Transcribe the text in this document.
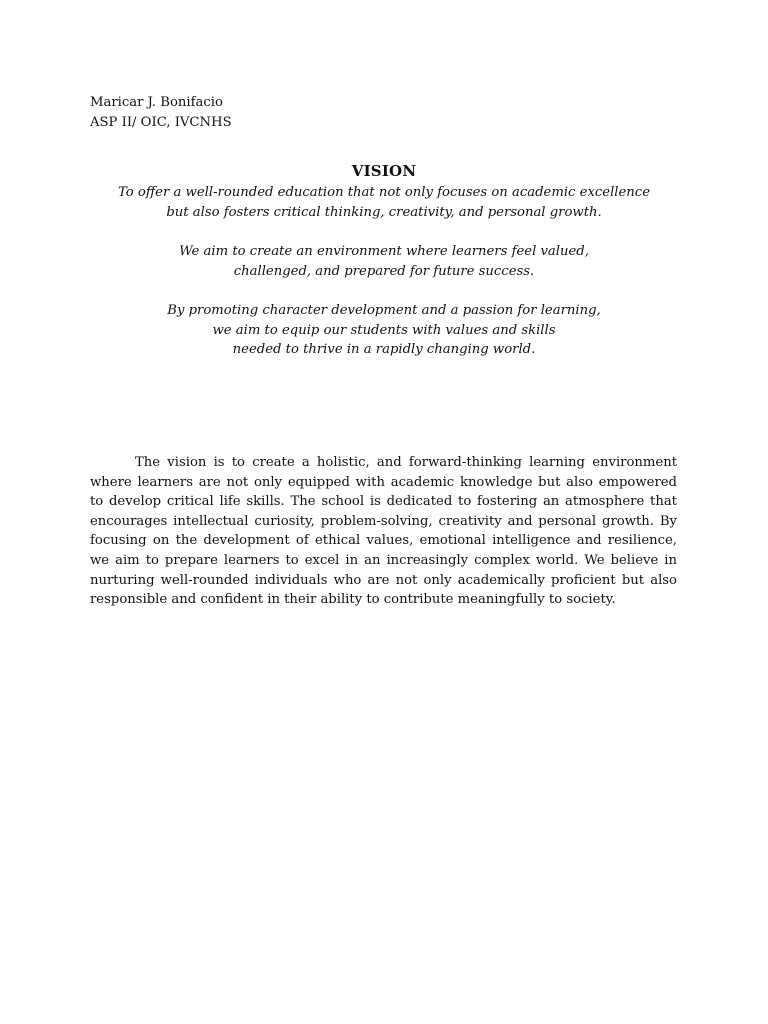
Maricar J. Bonifacio
ASP II/ OIC, IVCNHS
VISION
To offer a well-rounded education that not only focuses on academic excellence
but also fosters critical thinking, creativity, and personal growth.
We aim to create an environment where learners feel valued,
challenged, and prepared for future success.
By promoting character development and a passion for learning,
we aim to equip our students with values and skills
needed to thrive in a rapidly changing world.

The vision is to create a holistic, and forward-thinking learning environment where learners are not only equipped with academic knowledge but also empowered to develop critical life skills. The school is dedicated to fostering an atmosphere that encourages intellectual curiosity, problem-solving, creativity and personal growth. By focusing on the development of ethical values, emotional intelligence and resilience, we aim to prepare learners to excel in an increasingly complex world. We believe in nurturing well-rounded individuals who are not only academically proficient but also responsible and confident in their ability to contribute meaningfully to society.
